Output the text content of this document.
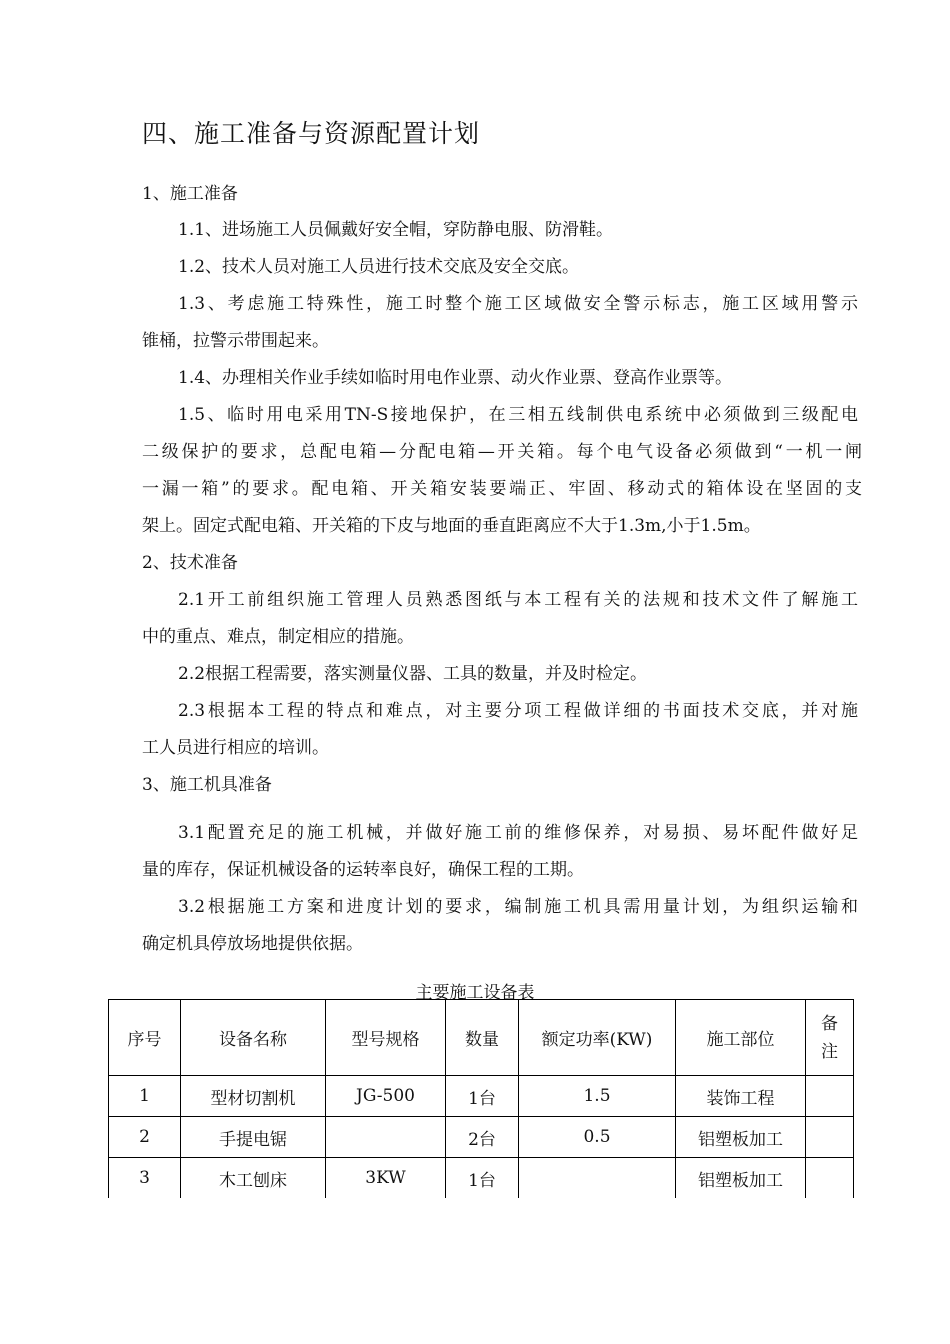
四、施工准备与资源配置计划
1、施工准备
1.1、进场施工人员佩戴好安全帽，穿防静电服、防滑鞋。
1.2、技术人员对施工人员进行技术交底及安全交底。
1.3、考虑施工特殊性，施工时整个施工区域做安全警示标志，施工区域用警示
锥桶，拉警示带围起来。
1.4、办理相关作业手续如临时用电作业票、动火作业票、登高作业票等。
1.5、临时用电采用TN-S接地保护，在三相五线制供电系统中必须做到三级配电
二级保护的要求，总配电箱—分配电箱—开关箱。每个电气设备必须做到“一机一闸
一漏一箱”的要求。配电箱、开关箱安装要端正、牢固、移动式的箱体设在坚固的支
架上。固定式配电箱、开关箱的下皮与地面的垂直距离应不大于1.3m,小于1.5m。
2、技术准备
2.1开工前组织施工管理人员熟悉图纸与本工程有关的法规和技术文件了解施工
中的重点、难点，制定相应的措施。
2.2根据工程需要，落实测量仪器、工具的数量，并及时检定。
2.3根据本工程的特点和难点，对主要分项工程做详细的书面技术交底，并对施
工人员进行相应的培训。
3、施工机具准备
3.1配置充足的施工机械，并做好施工前的维修保养，对易损、易坏配件做好足
量的库存，保证机械设备的运转率良好，确保工程的工期。
3.2根据施工方案和进度计划的要求，编制施工机具需用量计划，为组织运输和
确定机具停放场地提供依据。
主要施工设备表
序号	设备名称	型号规格	数量	额定功率(KW)	施工部位	备
注

1	型材切割机	JG-500	1台	1.5	装饰工程	
2	手提电锯		2台	0.5	铝塑板加工	
3	木工刨床	3KW	1台		铝塑板加工	
